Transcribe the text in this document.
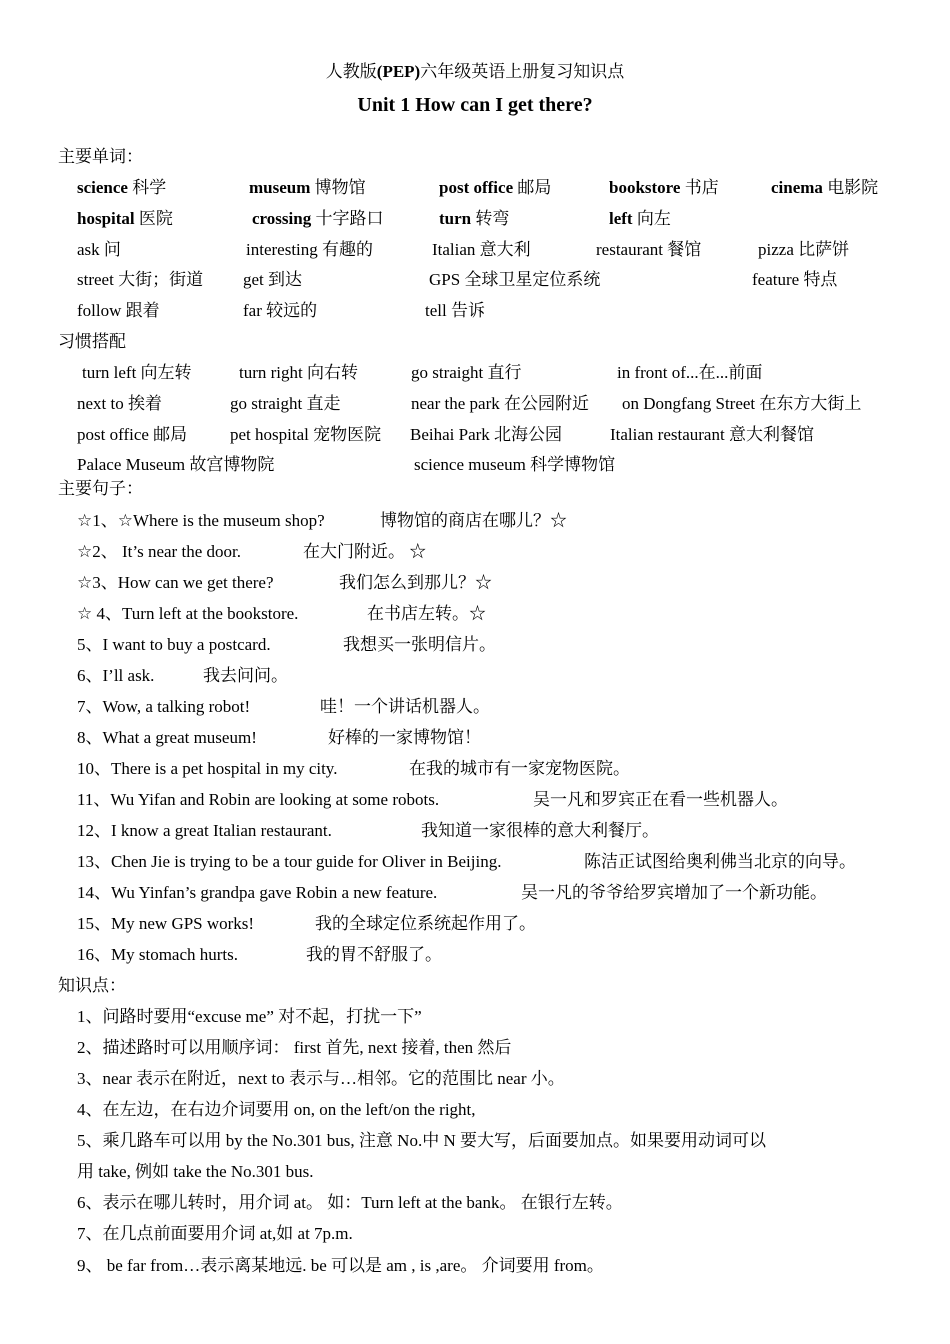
人教版(PEP)六年级英语上册复习知识点
Unit 1 How can I get there?
主要单词：
science 科学	museum 博物馆	post office 邮局	bookstore 书店	cinema 电影院
hospital 医院	crossing 十字路口	turn 转弯	left 向左
ask 问	interesting 有趣的	Italian 意大利	restaurant 餐馆	pizza 比萨饼
street 大街；街道 get 到达	GPS 全球卫星定位系统	feature 特点
follow 跟着	far 较远的	tell 告诉
习惯搭配
turn left 向左转	turn right 向右转	go straight 直行	in front of...在...前面
next to 挨着	go straight 直走	near the park 在公园附近 on Dongfang Street 在东方大街上
post office 邮局	pet hospital 宠物医院 Beihai Park 北海公园	Italian restaurant 意大利餐馆
Palace Museum 故宫博物院	science museum 科学博物馆
主要句子：
☆1、☆Where is the museum shop?	博物馆的商店在哪儿？☆
☆2、 It’s near the door.	在大门附近。 ☆
☆3、How can we get there?	我们怎么到那儿？☆
☆ 4、Turn left at the bookstore.	在书店左转。☆
5、I want to buy a postcard.	我想买一张明信片。
6、I’ll ask.	我去问问。
7、Wow, a talking robot!	哇！一个讲话机器人。
8、What a great museum!	好棒的一家博物馆！
10、There is a pet hospital in my city.	在我的城市有一家宠物医院。
11、Wu Yifan and Robin are looking at some robots.	吴一凡和罗宾正在看一些机器人。
12、I know a great Italian restaurant.	我知道一家很棒的意大利餐厅。
13、Chen Jie is trying to be a tour guide for Oliver in Beijing.	陈洁正试图给奥利佛当北京的向导。
14、Wu Yinfan’s grandpa gave Robin a new feature.	吴一凡的爷爷给罗宾增加了一个新功能。
15、My new GPS works!	我的全球定位系统起作用了。
16、My stomach hurts.	我的胃不舒服了。
知识点：
1、问路时要用“excuse me” 对不起，打扰一下”
2、描述路时可以用顺序词： first 首先, next 接着, then 然后
3、near 表示在附近，next to 表示与…相邻。它的范围比 near 小。
4、在左边，在右边介词要用 on, on the left/on the right,
5、乘几路车可以用 by the No.301 bus, 注意 No.中 N 要大写，后面要加点。如果要用动词可以
用 take, 例如 take the No.301 bus.
6、表示在哪儿转时，用介词 at。 如：Turn left at the bank。 在银行左转。
7、在几点前面要用介词 at,如 at 7p.m.
9、 be far from…表示离某地远. be 可以是 am , is ,are。 介词要用 from。
